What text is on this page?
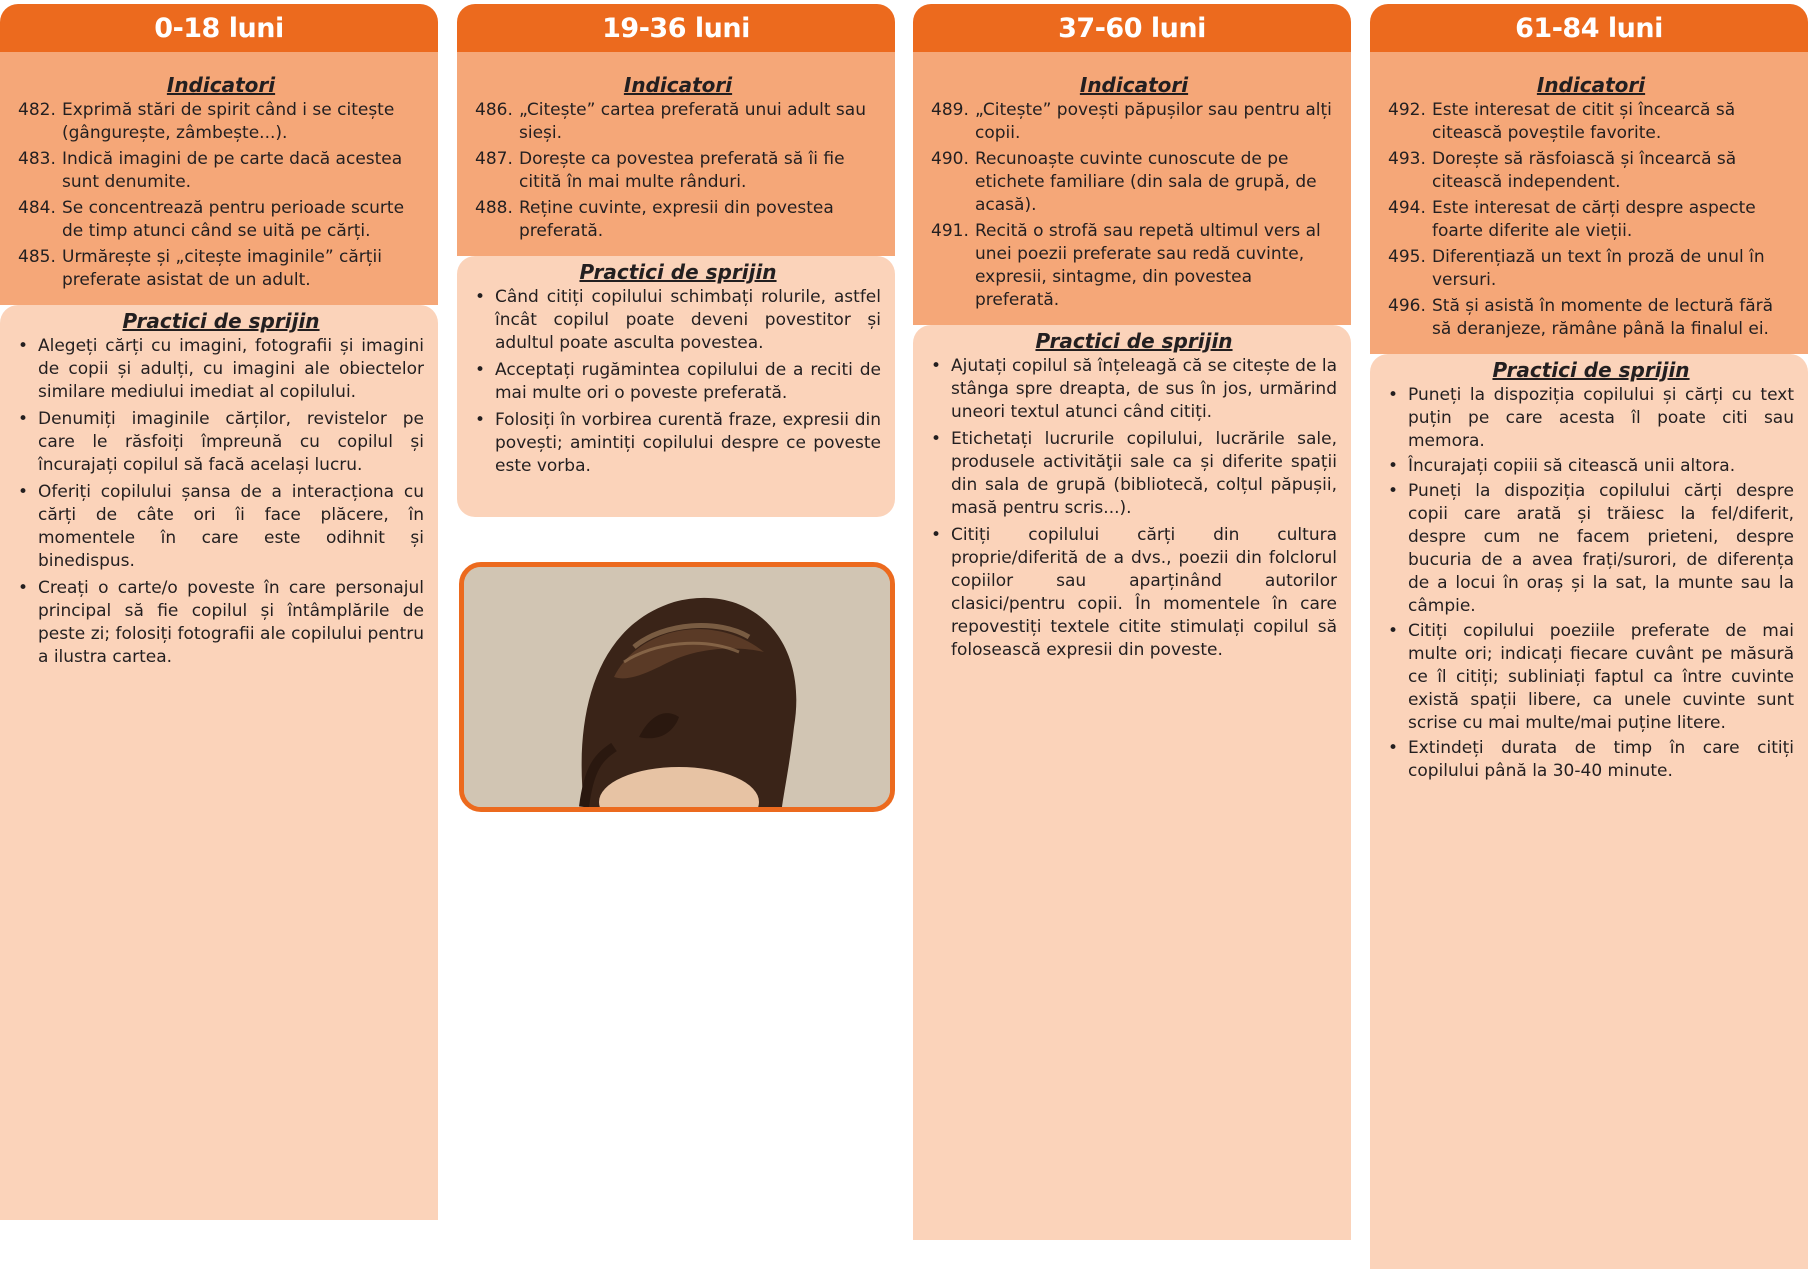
0-18 luni
Indicatori
482. Exprimă stări de spirit când i se citește (gângurește, zâmbește...).
483. Indică imagini de pe carte dacă acestea sunt denumite.
484. Se concentrează pentru perioade scurte de timp atunci când se uită pe cărți.
485. Urmărește și „citește imaginile” cărții preferate asistat de un adult.
Practici de sprijin
• Alegeți cărți cu imagini, fotografii și imagini de copii și adulți, cu imagini ale obiectelor similare mediului imediat al copilului.
• Denumiți imaginile cărților, revistelor pe care le răsfoiți împreună cu copilul și încurajați copilul să facă același lucru.
• Oferiți copilului șansa de a interacționa cu cărți de câte ori îi face plăcere, în momentele în care este odihnit și binedispus.
• Creați o carte/o poveste în care personajul principal să fie copilul și întâmplările de peste zi; folosiți fotografii ale copilului pentru a ilustra cartea.
19-36 luni
Indicatori
486. „Citește” cartea preferată unui adult sau sieși.
487. Dorește ca povestea preferată să îi fie citită în mai multe rânduri.
488. Reține cuvinte, expresii din povestea preferată.
Practici de sprijin
• Când citiți copilului schimbați rolurile, astfel încât copilul poate deveni povestitor și adultul poate asculta povestea.
• Acceptați rugămintea copilului de a reciti de mai multe ori o poveste preferată.
• Folosiți în vorbirea curentă fraze, expresii din povești; amintiți copilului despre ce poveste este vorba.
37-60 luni
Indicatori
489. „Citește” povești păpușilor sau pentru alți copii.
490. Recunoaște cuvinte cunoscute de pe etichete familiare (din sala de grupă, de acasă).
491. Recită o strofă sau repetă ultimul vers al unei poezii preferate sau redă cuvinte, expresii, sintagme, din povestea preferată.
Practici de sprijin
• Ajutați copilul să înțeleagă că se citește de la stânga spre dreapta, de sus în jos, urmărind uneori textul atunci când citiți.
• Etichetați lucrurile copilului, lucrările sale, produsele activităţii sale ca și diferite spații din sala de grupă (bibliotecă, colțul păpușii, masă pentru scris...).
• Citiți copilului cărți din cultura proprie/diferită de a dvs., poezii din folclorul copiilor sau aparținând autorilor clasici/pentru copii. În momentele în care repovestiți textele citite stimulați copilul să folosească expresii din poveste.
61-84 luni
Indicatori
492. Este interesat de citit și încearcă să citească poveștile favorite.
493. Dorește să răsfoiască și încearcă să citească independent.
494. Este interesat de cărți despre aspecte foarte diferite ale vieții.
495. Diferențiază un text în proză de unul în versuri.
496. Stă și asistă în momente de lectură fără să deranjeze, rămâne până la finalul ei.
Practici de sprijin
• Puneți la dispoziția copilului și cărți cu text puțin pe care acesta îl poate citi sau memora.
• Încurajați copiii să citească unii altora.
• Puneți la dispoziția copilului cărți despre copii care arată și trăiesc la fel/diferit, despre cum ne facem prieteni, despre bucuria de a avea frați/surori, de diferența de a locui în oraș și la sat, la munte sau la câmpie.
• Citiți copilului poeziile preferate de mai multe ori; indicați fiecare cuvânt pe măsură ce îl citiți; subliniați faptul ca între cuvinte există spații libere, ca unele cuvinte sunt scrise cu mai multe/mai puține litere.
• Extindeți durata de timp în care citiți copilului până la 30-40 minute.
